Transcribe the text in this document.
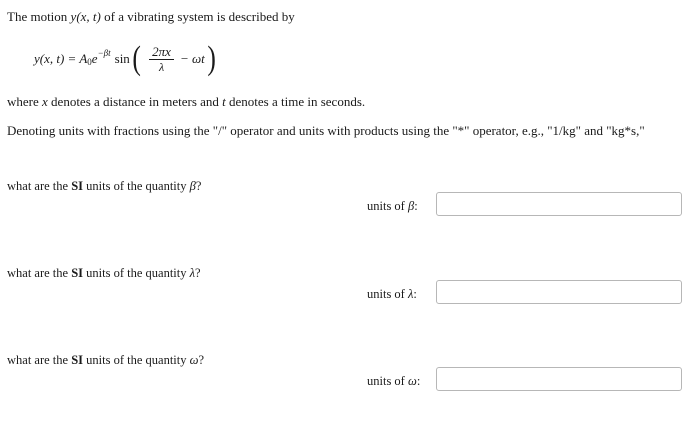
The motion y(x, t) of a vibrating system is described by
y(x, t) = A 0 e −βt sin ( $\frac{2\pi x}{\lambda} - \omega t$ )
where x denotes a distance in meters and t denotes a time in seconds.
Denoting units with fractions using the "/" operator and units with products using the "*" operator, e.g., "1/kg" and "kg*s,"
what are the SI units of the quantity β?
units of β:
what are the SI units of the quantity λ?
units of λ:
what are the SI units of the quantity ω?
units of ω:
